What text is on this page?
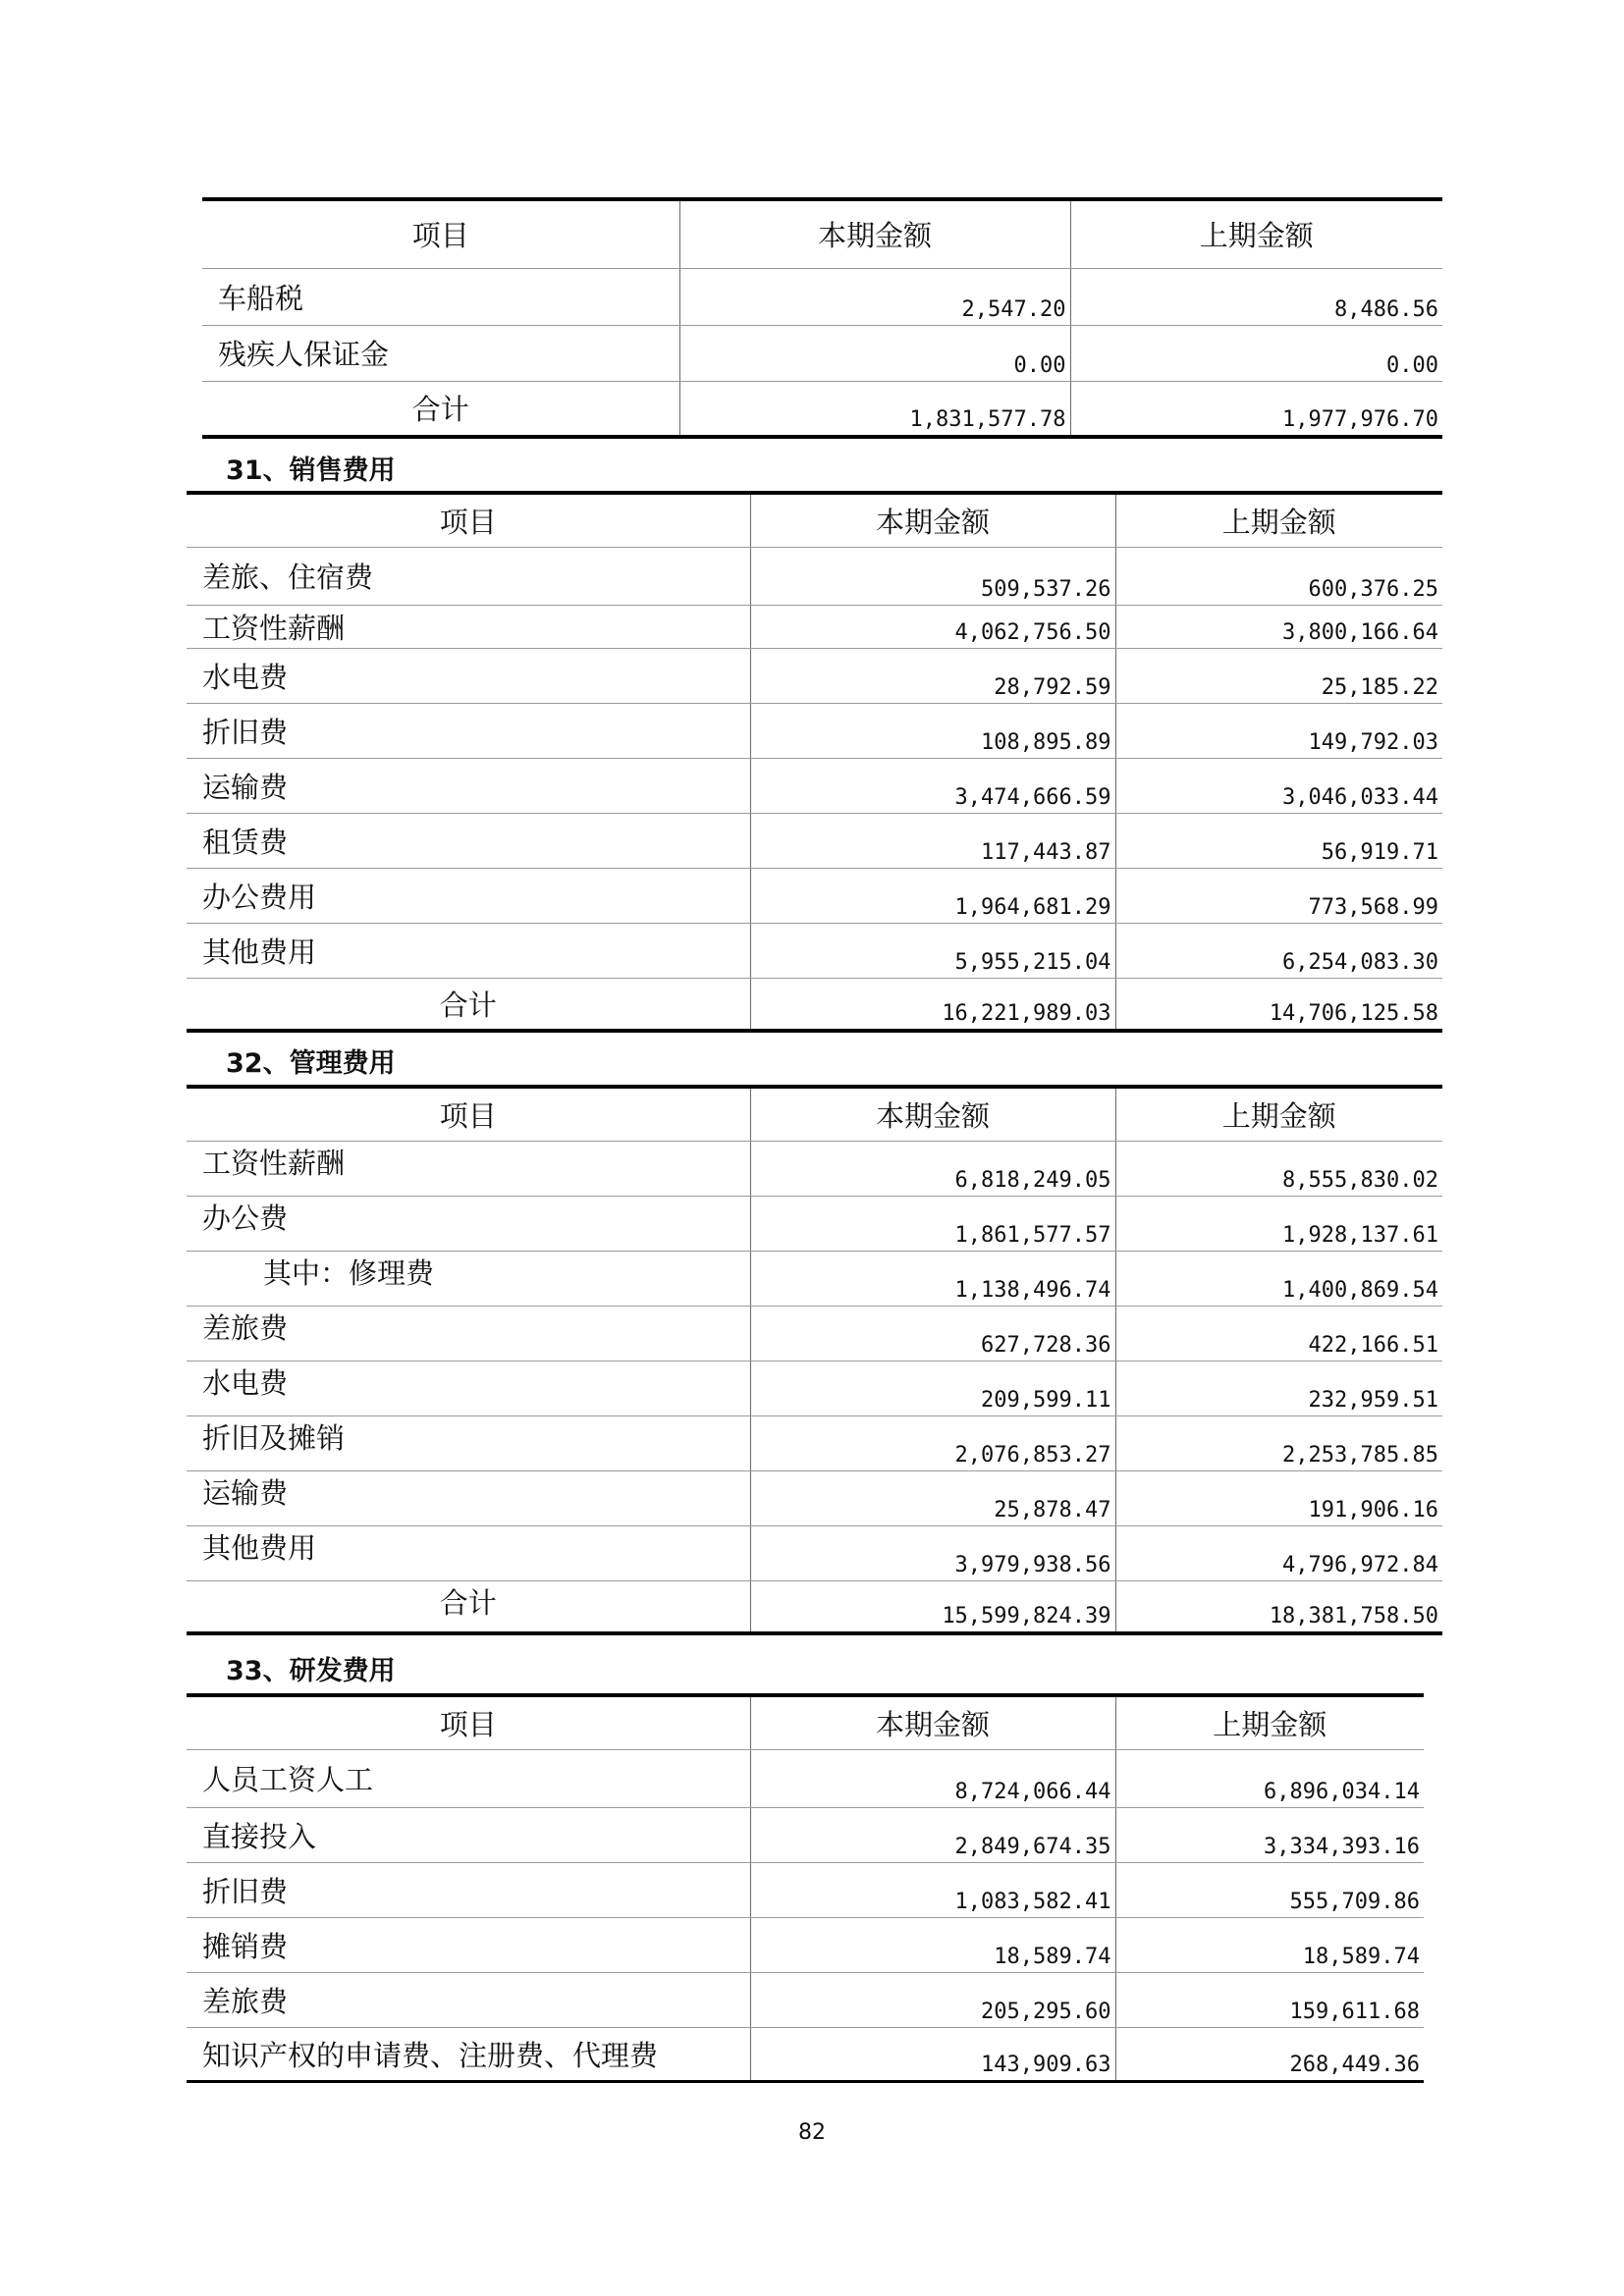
项目	本期金额	上期金额
车船税	2,547.20	8,486.56
残疾人保证金	0.00	0.00
合计	1,831,577.78	1,977,976.70
31、销售费用
项目	本期金额	上期金额
差旅、住宿费	509,537.26	600,376.25
工资性薪酬	4,062,756.50	3,800,166.64
水电费	28,792.59	25,185.22
折旧费	108,895.89	149,792.03
运输费	3,474,666.59	3,046,033.44
租赁费	117,443.87	56,919.71
办公费用	1,964,681.29	773,568.99
其他费用	5,955,215.04	6,254,083.30
合计	16,221,989.03	14,706,125.58
32、管理费用
项目	本期金额	上期金额
工资性薪酬	6,818,249.05	8,555,830.02
办公费	1,861,577.57	1,928,137.61
其中：修理费	1,138,496.74	1,400,869.54
差旅费	627,728.36	422,166.51
水电费	209,599.11	232,959.51
折旧及摊销	2,076,853.27	2,253,785.85
运输费	25,878.47	191,906.16
其他费用	3,979,938.56	4,796,972.84
合计	15,599,824.39	18,381,758.50
33、研发费用
项目	本期金额	上期金额
人员工资人工	8,724,066.44	6,896,034.14
直接投入	2,849,674.35	3,334,393.16
折旧费	1,083,582.41	555,709.86
摊销费	18,589.74	18,589.74
差旅费	205,295.60	159,611.68
知识产权的申请费、注册费、代理费	143,909.63	268,449.36
82
